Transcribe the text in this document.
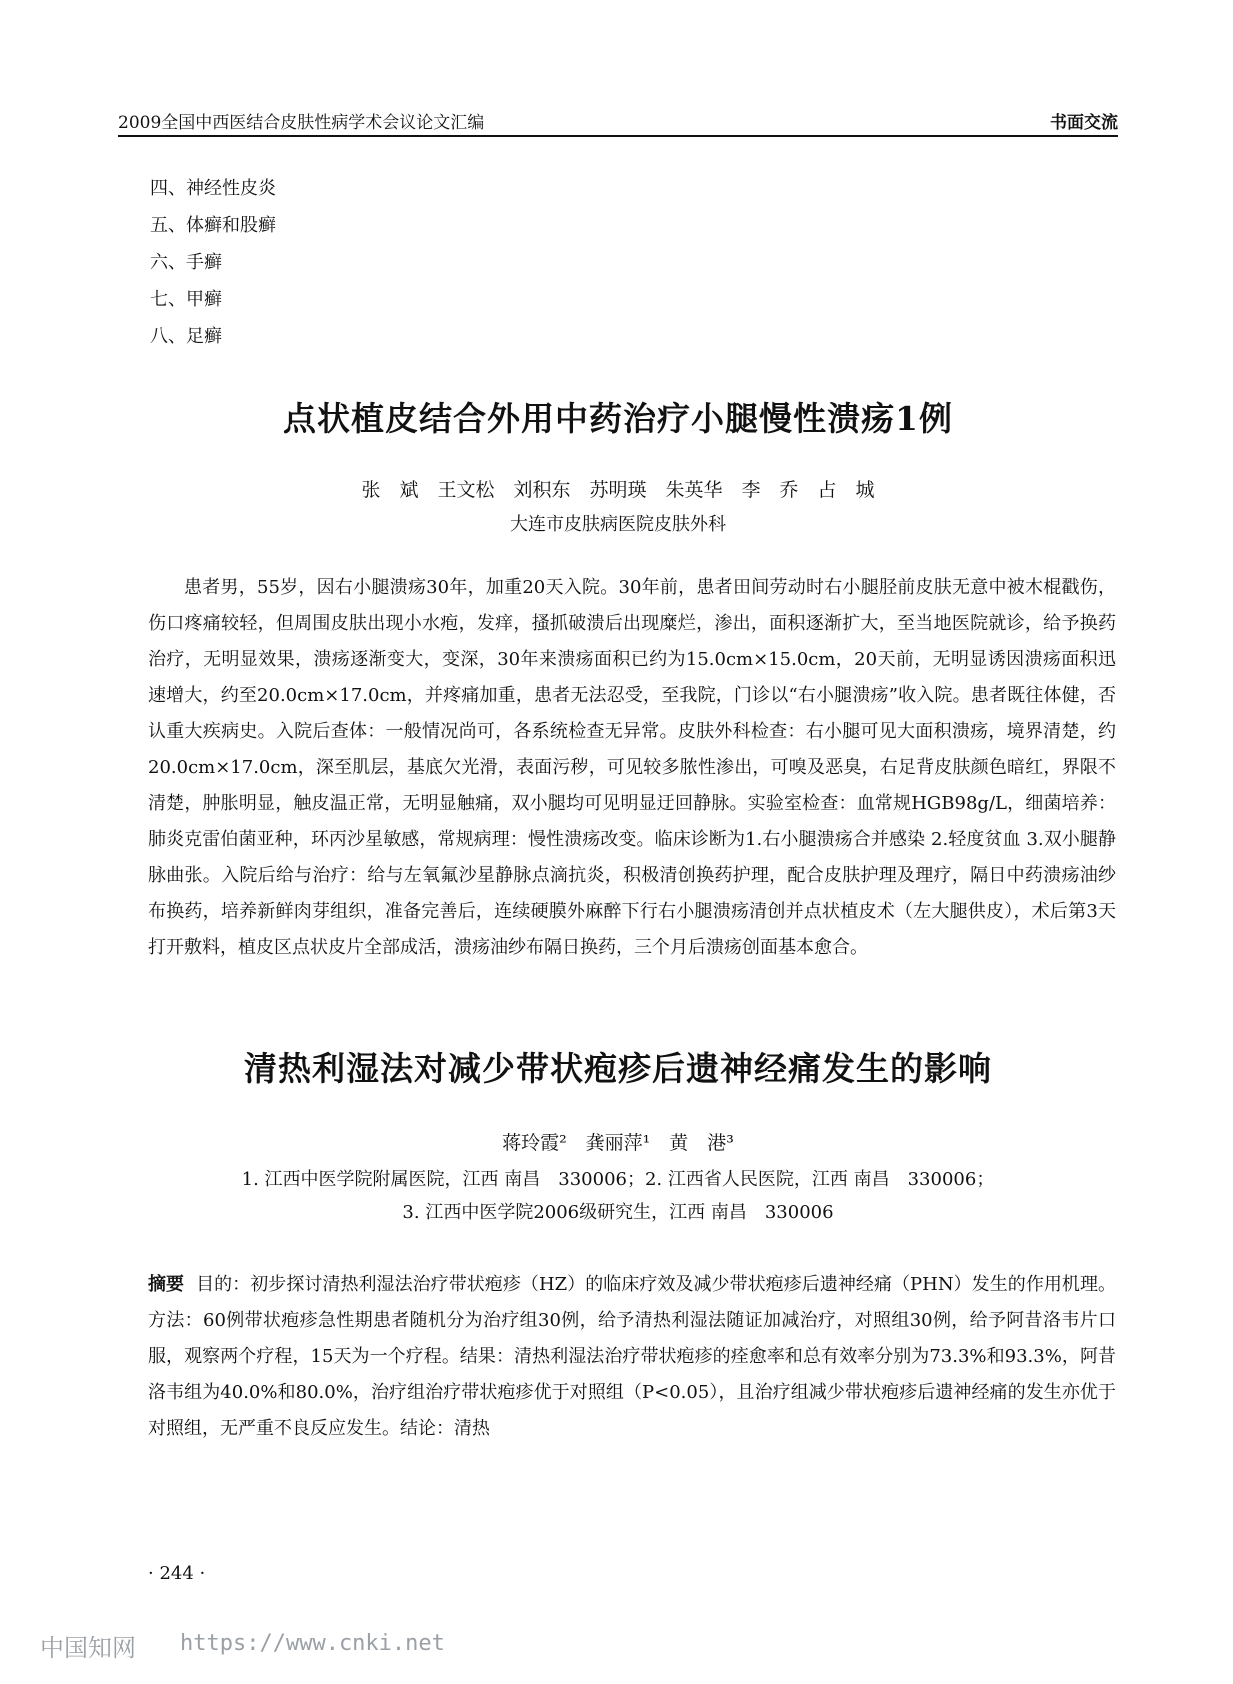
2009全国中西医结合皮肤性病学术会议论文汇编	书面交流
四、神经性皮炎
五、体癣和股癣
六、手癣
七、甲癣
八、足癣
点状植皮结合外用中药治疗小腿慢性溃疡1例
张　斌　王文松　刘积东　苏明瑛　朱英华　李　乔　占　城
大连市皮肤病医院皮肤外科

患者男，55岁，因右小腿溃疡30年，加重20天入院。30年前，患者田间劳动时右小腿胫前皮肤无意中被木棍戳伤，伤口疼痛较轻，但周围皮肤出现小水疱，发痒，搔抓破溃后出现糜烂，渗出，面积逐渐扩大，至当地医院就诊，给予换药治疗，无明显效果，溃疡逐渐变大，变深，30年来溃疡面积已约为15.0cm×15.0cm，20天前，无明显诱因溃疡面积迅速增大，约至20.0cm×17.0cm，并疼痛加重，患者无法忍受，至我院，门诊以“右小腿溃疡”收入院。患者既往体健，否认重大疾病史。入院后查体：一般情况尚可，各系统检查无异常。皮肤外科检查：右小腿可见大面积溃疡，境界清楚，约20.0cm×17.0cm，深至肌层，基底欠光滑，表面污秽，可见较多脓性渗出，可嗅及恶臭，右足背皮肤颜色暗红，界限不清楚，肿胀明显，触皮温正常，无明显触痛，双小腿均可见明显迂回静脉。实验室检查：血常规HGB98g/L，细菌培养：肺炎克雷伯菌亚种，环丙沙星敏感，常规病理：慢性溃疡改变。临床诊断为1.右小腿溃疡合并感染 2.轻度贫血 3.双小腿静脉曲张。入院后给与治疗：给与左氧氟沙星静脉点滴抗炎，积极清创换药护理，配合皮肤护理及理疗，隔日中药溃疡油纱布换药，培养新鲜肉芽组织，准备完善后，连续硬膜外麻醉下行右小腿溃疡清创并点状植皮术（左大腿供皮），术后第3天打开敷料，植皮区点状皮片全部成活，溃疡油纱布隔日换药，三个月后溃疡创面基本愈合。

清热利湿法对减少带状疱疹后遗神经痛发生的影响
蒋玲霞²　龚丽萍¹　黄　港³
1. 江西中医学院附属医院，江西 南昌　330006；2. 江西省人民医院，江西 南昌　330006；
3. 江西中医学院2006级研究生，江西 南昌　330006

摘要 目的：初步探讨清热利湿法治疗带状疱疹（HZ）的临床疗效及减少带状疱疹后遗神经痛（PHN）发生的作用机理。方法：60例带状疱疹急性期患者随机分为治疗组30例，给予清热利湿法随证加减治疗，对照组30例，给予阿昔洛韦片口服，观察两个疗程，15天为一个疗程。结果：清热利湿法治疗带状疱疹的痊愈率和总有效率分别为73.3%和93.3%，阿昔洛韦组为40.0%和80.0%，治疗组治疗带状疱疹优于对照组（P<0.05），且治疗组减少带状疱疹后遗神经痛的发生亦优于对照组，无严重不良反应发生。结论：清热

· 244 ·
中国知网 https://www.cnki.net
